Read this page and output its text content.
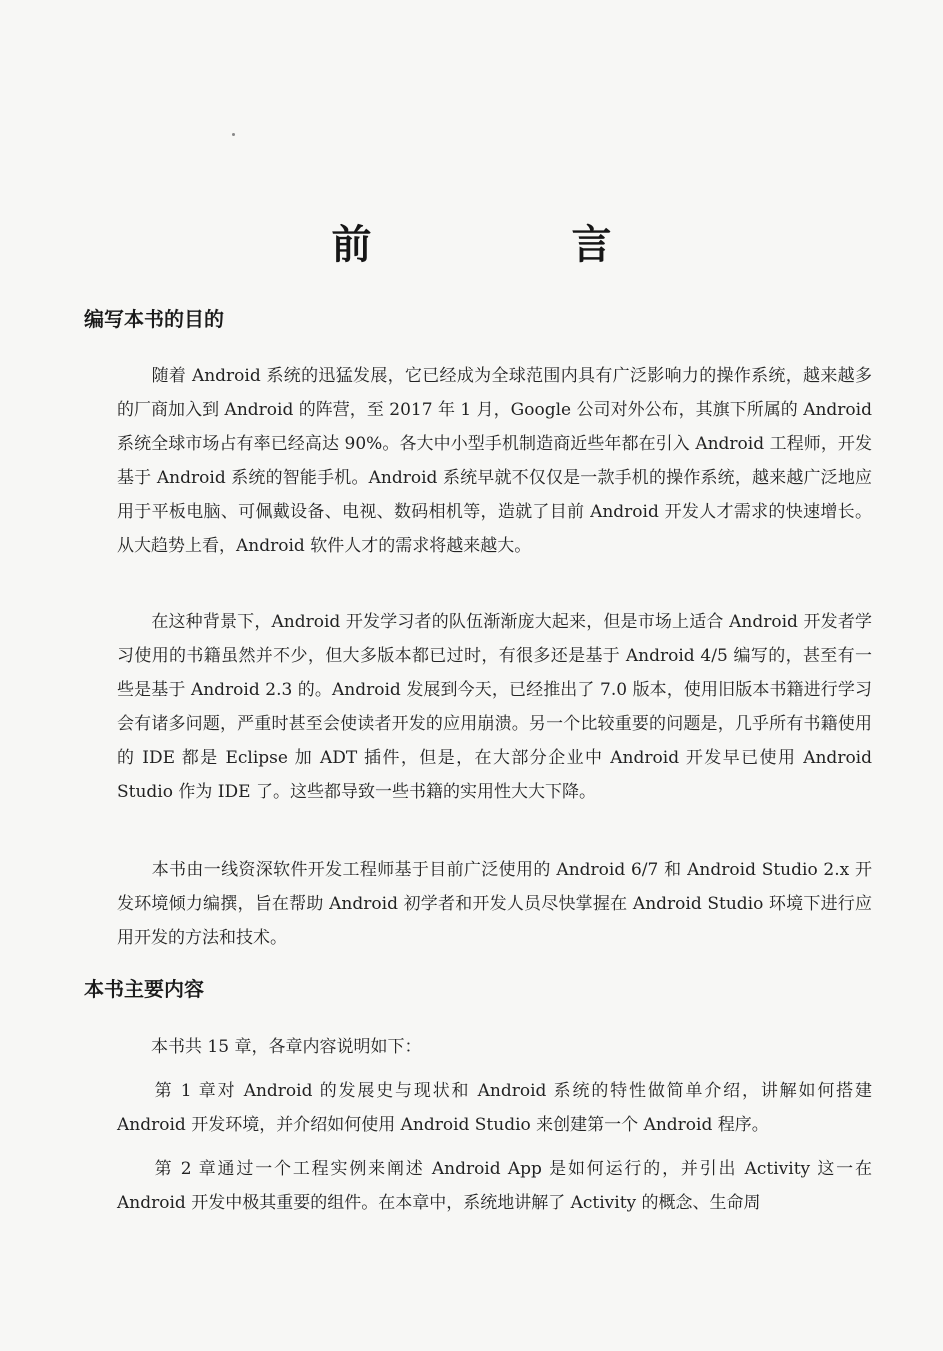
前　言
编写本书的目的

　　随着 Android 系统的迅猛发展，它已经成为全球范围内具有广泛影响力的操作系统，越来越多的厂商加入到 Android 的阵营，至 2017 年 1 月，Google 公司对外公布，其旗下所属的 Android 系统全球市场占有率已经高达 90%。各大中小型手机制造商近些年都在引入 Android 工程师，开发基于 Android 系统的智能手机。Android 系统早就不仅仅是一款手机的操作系统，越来越广泛地应用于平板电脑、可佩戴设备、电视、数码相机等，造就了目前 Android 开发人才需求的快速增长。从大趋势上看，Android 软件人才的需求将越来越大。

　　在这种背景下，Android 开发学习者的队伍渐渐庞大起来，但是市场上适合 Android 开发者学习使用的书籍虽然并不少，但大多版本都已过时，有很多还是基于 Android 4/5 编写的，甚至有一些是基于 Android 2.3 的。Android 发展到今天，已经推出了 7.0 版本，使用旧版本书籍进行学习会有诸多问题，严重时甚至会使读者开发的应用崩溃。另一个比较重要的问题是，几乎所有书籍使用的 IDE 都是 Eclipse 加 ADT 插件，但是，在大部分企业中 Android 开发早已使用 Android Studio 作为 IDE 了。这些都导致一些书籍的实用性大大下降。

　　本书由一线资深软件开发工程师基于目前广泛使用的 Android 6/7 和 Android Studio 2.x 开发环境倾力编撰，旨在帮助 Android 初学者和开发人员尽快掌握在 Android Studio 环境下进行应用开发的方法和技术。

本书主要内容

　　本书共 15 章，各章内容说明如下：

　　第 1 章对 Android 的发展史与现状和 Android 系统的特性做简单介绍，讲解如何搭建 Android 开发环境，并介绍如何使用 Android Studio 来创建第一个 Android 程序。

　　第 2 章通过一个工程实例来阐述 Android App 是如何运行的，并引出 Activity 这一在 Android 开发中极其重要的组件。在本章中，系统地讲解了 Activity 的概念、生命周
